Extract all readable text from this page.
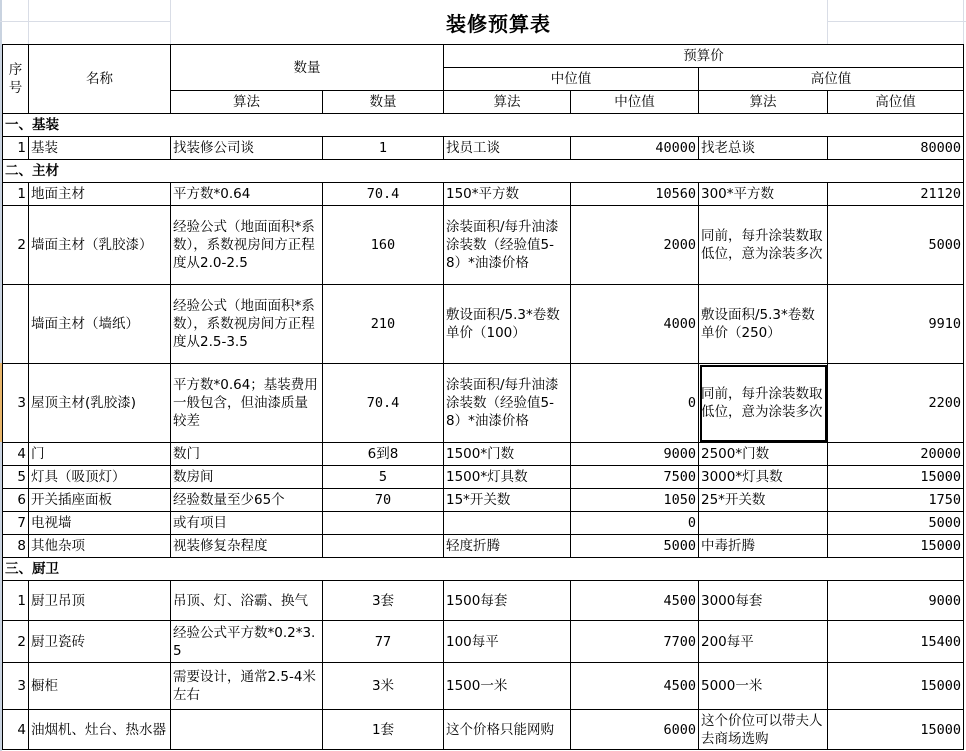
装修预算表
序号	名称	数量		预算价			
				中位值		高位值	
		算法	数量	算法	中位值	算法	高位值
一、基装							
1	基装	找装修公司谈	1	找员工谈	40000	找老总谈	80000
二、主材							
1	地面主材	平方数*0.64	70.4	150*平方数	10560	300*平方数	21120
2	墙面主材（乳胶漆）	经验公式（地面面积*系数），系数视房间方正程度从2.0-2.5	160	涂装面积/每升油漆涂装数（经验值5-8）*油漆价格	2000	同前，每升涂装数取低位，意为涂装多次	5000
	墙面主材（墙纸）	经验公式（地面面积*系数），系数视房间方正程度从2.5-3.5	210	敷设面积/5.3*卷数单价（100）	4000	敷设面积/5.3*卷数单价（250）	9910
3	屋顶主材(乳胶漆)	平方数*0.64；基装费用一般包含，但油漆质量较差	70.4	涂装面积/每升油漆涂装数（经验值5-8）*油漆价格	0	同前，每升涂装数取低位，意为涂装多次	2200
4	门	数门	6到8	1500*门数	9000	2500*门数	20000
5	灯具（吸顶灯）	数房间	5	1500*灯具数	7500	3000*灯具数	15000
6	开关插座面板	经验数量至少65个	70	15*开关数	1050	25*开关数	1750
7	电视墙	或有项目			0		5000
8	其他杂项	视装修复杂程度		轻度折腾	5000	中毒折腾	15000
三、厨卫							
1	厨卫吊顶	吊顶、灯、浴霸、换气	3套	1500每套	4500	3000每套	9000
2	厨卫瓷砖	经验公式平方数*0.2*3.5	77	100每平	7700	200每平	15400
3	橱柜	需要设计，通常2.5-4米左右	3米	1500一米	4500	5000一米	15000
4	油烟机、灶台、热水器		1套	这个价格只能网购	6000	这个价位可以带夫人去商场选购	15000
